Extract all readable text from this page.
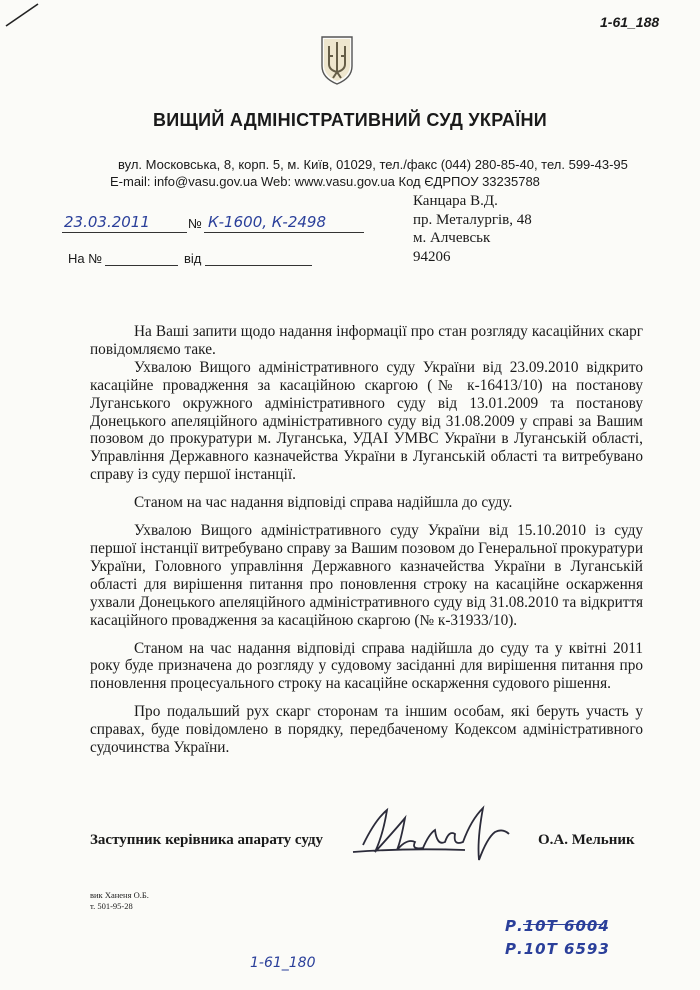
1-61_188
ВИЩИЙ АДМІНІСТРАТИВНИЙ СУД УКРАЇНИ
вул. Московська, 8, корп. 5, м. Київ, 01029, тел./факс (044) 280-85-40, тел. 599-43-95
E-mail: info@vasu.gov.ua Web: www.vasu.gov.ua Код ЄДРПОУ 33235788
Канцара В.Д.
пр. Металургів, 48
м. Алчевськ
94206
23.03.2011	№ К-1600, К-2498
На №	від

На Ваші запити щодо надання інформації про стан розгляду касаційних скарг повідомляємо таке.

Ухвалою Вищого адміністративного суду України від 23.09.2010 відкрито касаційне провадження за касаційною скаргою (№ к-16413/10) на постанову Луганського окружного адміністративного суду від 13.01.2009 та постанову Донецького апеляційного адміністративного суду від 31.08.2009 у справі за Вашим позовом до прокуратури м. Луганська, УДАІ УМВС України в Луганській області, Управління Державного казначейства України в Луганській області та витребувано справу із суду першої інстанції.

Станом на час надання відповіді справа надійшла до суду.

Ухвалою Вищого адміністративного суду України від 15.10.2010 із суду першої інстанції витребувано справу за Вашим позовом до Генеральної прокуратури України, Головного управління Державного казначейства України в Луганській області для вирішення питання про поновлення строку на касаційне оскарження ухвали Донецького апеляційного адміністративного суду від 31.08.2010 та відкриття касаційного провадження за касаційною скаргою (№ к-31933/10).

Станом на час надання відповіді справа надійшла до суду та у квітні 2011 року буде призначена до розгляду у судовому засіданні для вирішення питання про поновлення процесуального строку на касаційне оскарження судового рішення.

Про подальший рух скарг сторонам та іншим особам, які беруть участь у справах, буде повідомлено в порядку, передбаченому Кодексом адміністративного судочинства України.

Заступник керівника апарату суду	О.А. Мельник
вик Ханеня О.Б.
т. 501-95-28
1-61_180
Р.10Т 6004
Р.10Т 6593
